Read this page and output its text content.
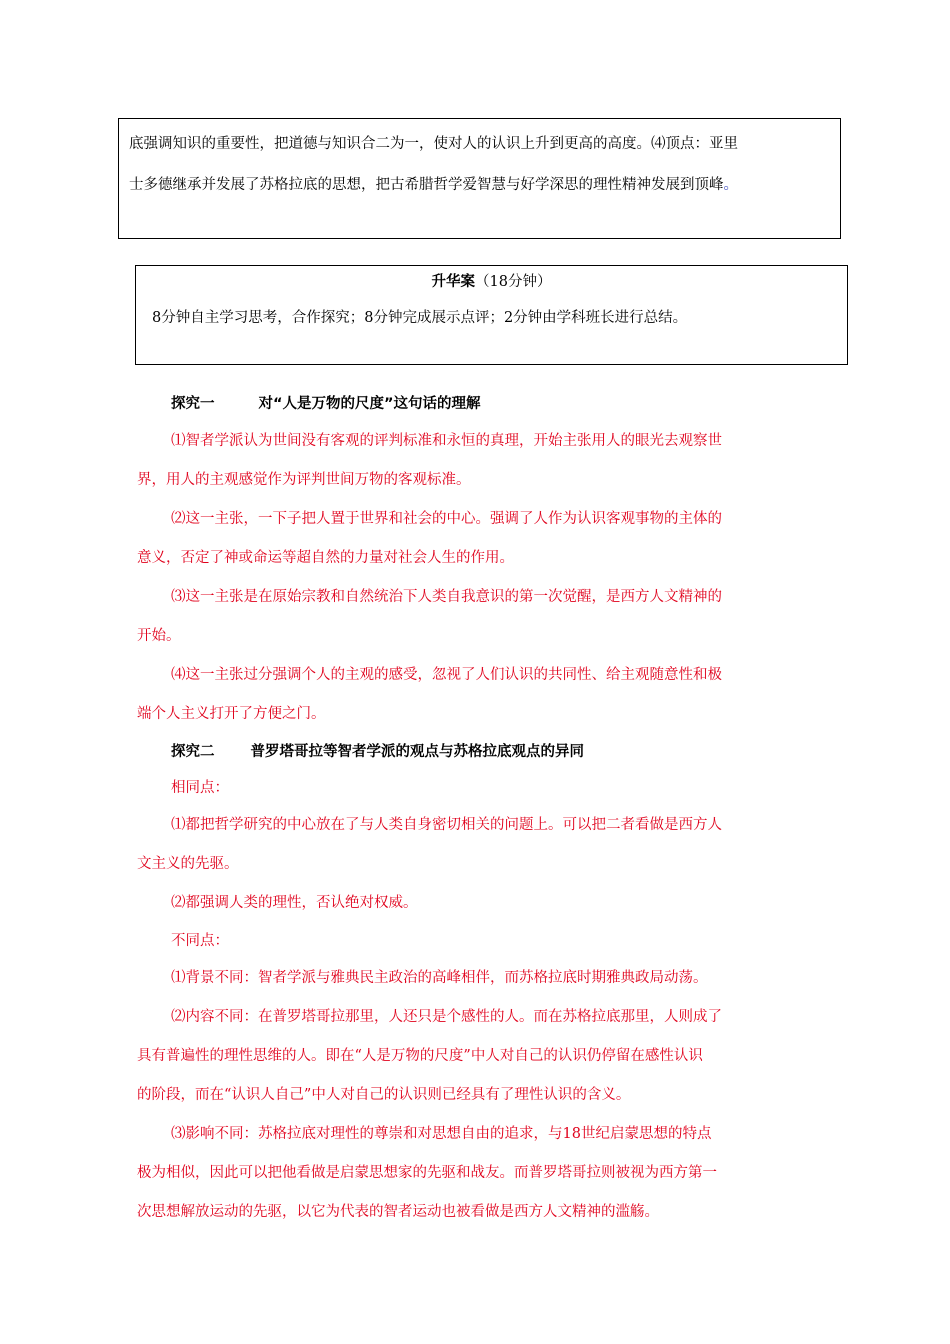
底强调知识的重要性，把道德与知识合二为一，使对人的认识上升到更高的高度。⑷顶点：亚里
士多德继承并发展了苏格拉底的思想，把古希腊哲学爱智慧与好学深思的理性精神发展到顶峰。
升华案（18分钟）
8分钟自主学习思考，合作探究；8分钟完成展示点评；2分钟由学科班长进行总结。
探究一	对“人是万物的尺度”这句话的理解
⑴智者学派认为世间没有客观的评判标准和永恒的真理，开始主张用人的眼光去观察世
界，用人的主观感觉作为评判世间万物的客观标准。
⑵这一主张，一下子把人置于世界和社会的中心。强调了人作为认识客观事物的主体的
意义，否定了神或命运等超自然的力量对社会人生的作用。
⑶这一主张是在原始宗教和自然统治下人类自我意识的第一次觉醒，是西方人文精神的
开始。
⑷这一主张过分强调个人的主观的感受，忽视了人们认识的共同性、给主观随意性和极
端个人主义打开了方便之门。
探究二 普罗塔哥拉等智者学派的观点与苏格拉底观点的异同
相同点：
⑴都把哲学研究的中心放在了与人类自身密切相关的问题上。可以把二者看做是西方人
文主义的先驱。
⑵都强调人类的理性，否认绝对权威。
不同点：
⑴背景不同：智者学派与雅典民主政治的高峰相伴，而苏格拉底时期雅典政局动荡。
⑵内容不同：在普罗塔哥拉那里，人还只是个感性的人。而在苏格拉底那里，人则成了
具有普遍性的理性思维的人。即在“人是万物的尺度”中人对自己的认识仍停留在感性认识
的阶段，而在“认识人自己”中人对自己的认识则已经具有了理性认识的含义。
⑶影响不同：苏格拉底对理性的尊崇和对思想自由的追求，与18世纪启蒙思想的特点
极为相似，因此可以把他看做是启蒙思想家的先驱和战友。而普罗塔哥拉则被视为西方第一
次思想解放运动的先驱，以它为代表的智者运动也被看做是西方人文精神的滥觞。
